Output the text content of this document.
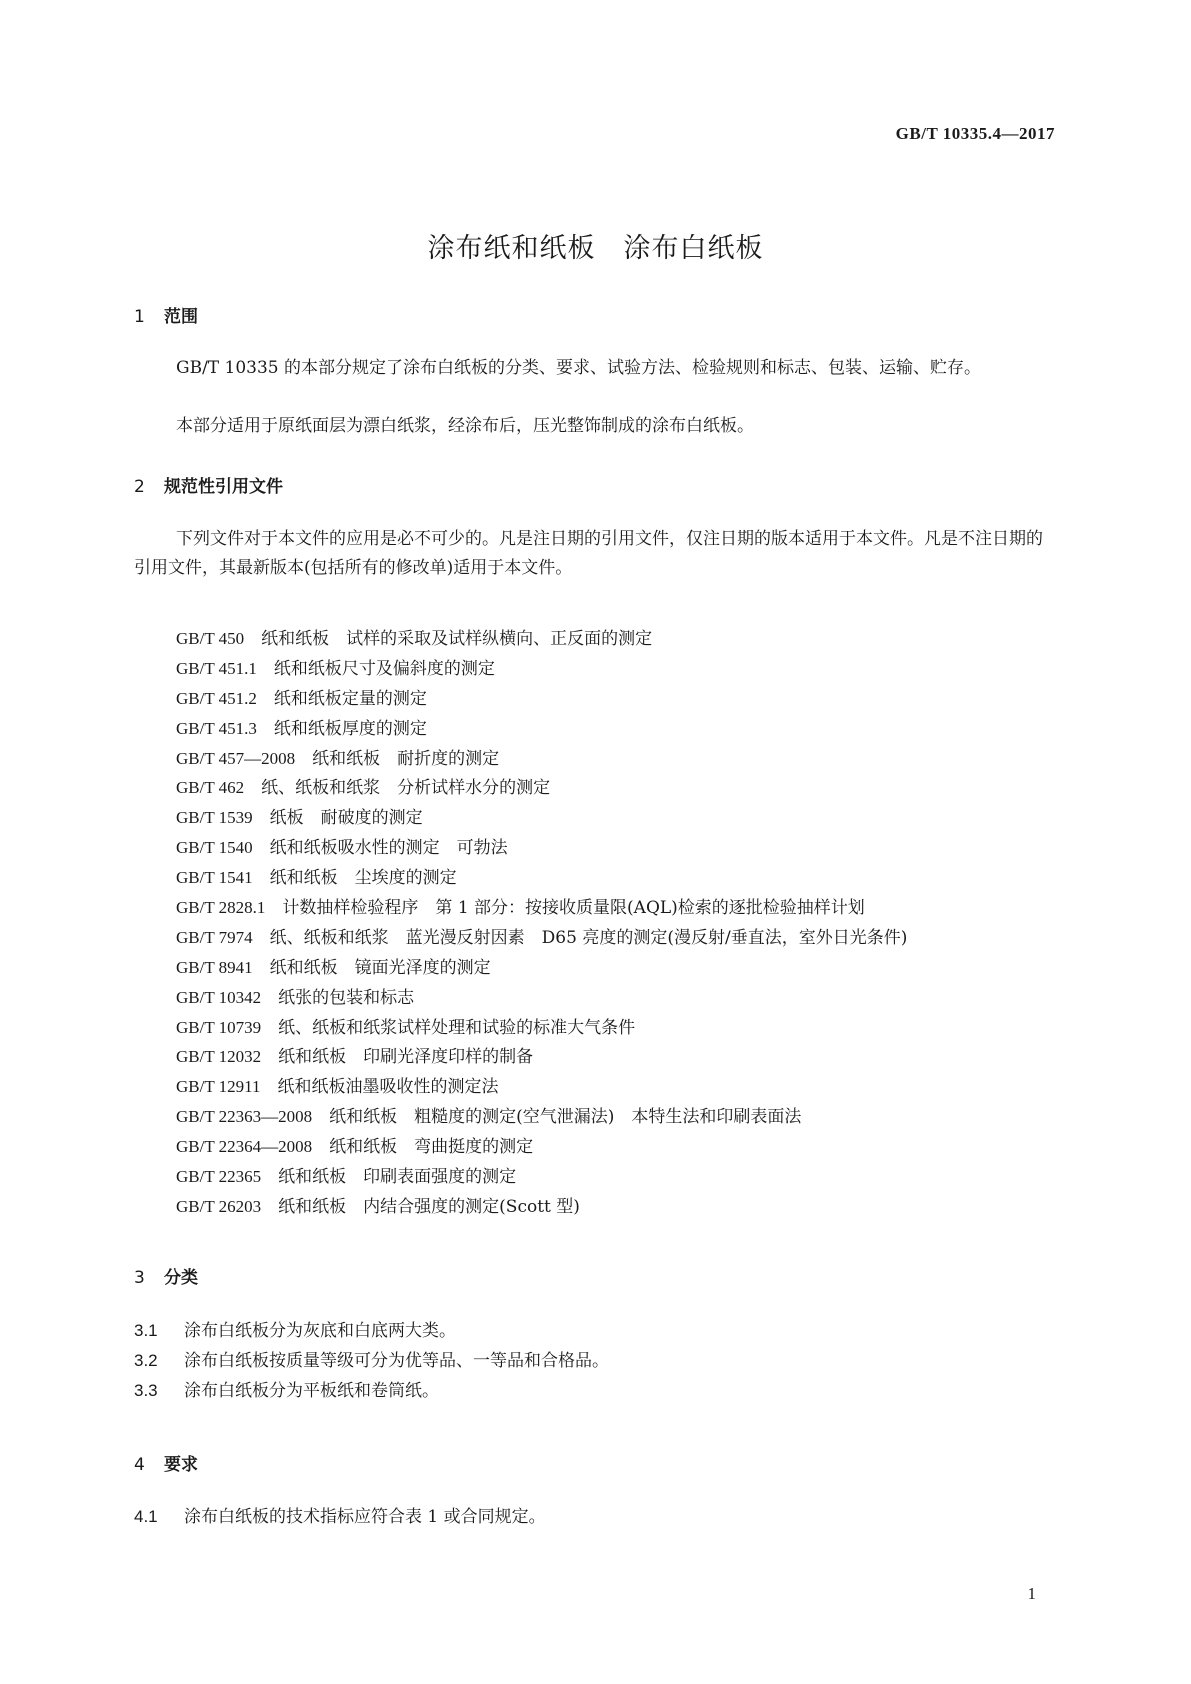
GB/T 10335.4—2017
涂布纸和纸板　涂布白纸板
1 范围
GB/T 10335 的本部分规定了涂布白纸板的分类、要求、试验方法、检验规则和标志、包装、运输、贮存。
本部分适用于原纸面层为漂白纸浆，经涂布后，压光整饰制成的涂布白纸板。
2 规范性引用文件
下列文件对于本文件的应用是必不可少的。凡是注日期的引用文件，仅注日期的版本适用于本文件。凡是不注日期的引用文件，其最新版本(包括所有的修改单)适用于本文件。
GB/T 450　 纸和纸板　试样的采取及试样纵横向、正反面的测定
GB/T 451.1　 纸和纸板尺寸及偏斜度的测定
GB/T 451.2　 纸和纸板定量的测定
GB/T 451.3　 纸和纸板厚度的测定
GB/T 457—2008　 纸和纸板　耐折度的测定
GB/T 462　 纸、纸板和纸浆　分析试样水分的测定
GB/T 1539　 纸板　耐破度的测定
GB/T 1540　 纸和纸板吸水性的测定　可勃法
GB/T 1541　 纸和纸板　尘埃度的测定
GB/T 2828.1　 计数抽样检验程序　第 1 部分：按接收质量限(AQL)检索的逐批检验抽样计划
GB/T 7974　 纸、纸板和纸浆　蓝光漫反射因素　D65 亮度的测定(漫反射/垂直法，室外日光条件)
GB/T 8941　 纸和纸板　镜面光泽度的测定
GB/T 10342　 纸张的包装和标志
GB/T 10739　 纸、纸板和纸浆试样处理和试验的标准大气条件
GB/T 12032　 纸和纸板　印刷光泽度印样的制备
GB/T 12911　 纸和纸板油墨吸收性的测定法
GB/T 22363—2008　 纸和纸板　粗糙度的测定(空气泄漏法)　本特生法和印刷表面法
GB/T 22364—2008　 纸和纸板　弯曲挺度的测定
GB/T 22365　 纸和纸板　印刷表面强度的测定
GB/T 26203　 纸和纸板　内结合强度的测定(Scott 型)
3 分类
3.1 涂布白纸板分为灰底和白底两大类。
3.2 涂布白纸板按质量等级可分为优等品、一等品和合格品。
3.3 涂布白纸板分为平板纸和卷筒纸。
4 要求
4.1 涂布白纸板的技术指标应符合表 1 或合同规定。
1
